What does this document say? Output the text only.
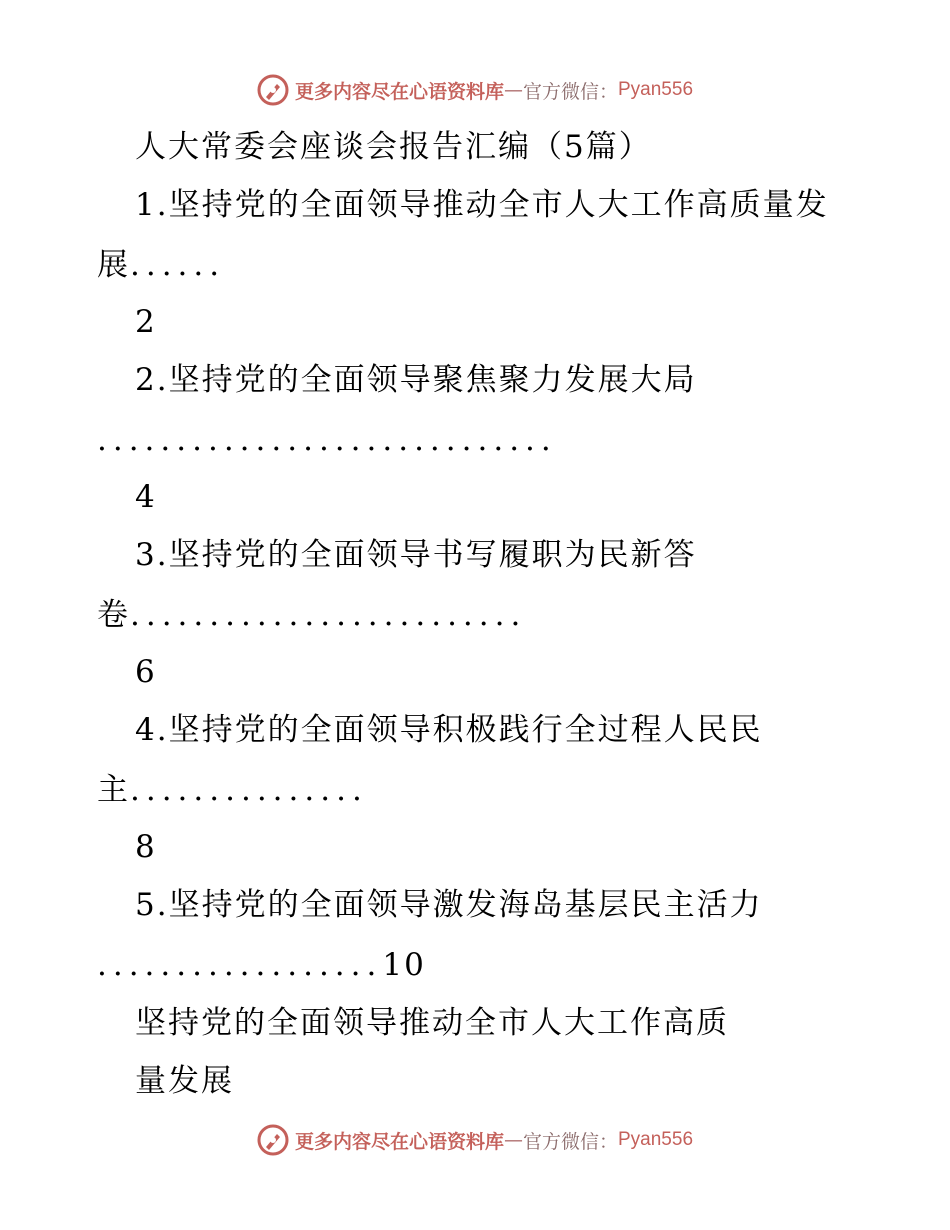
更多内容尽在心语资料库 — 官方微信： Pyan556
人大常委会座谈会报告汇编（5篇）
1.坚持党的全面领导推动全市人大工作高质量发
展......
2
2.坚持党的全面领导聚焦聚力发展大局
.............................
4
3.坚持党的全面领导书写履职为民新答
卷.........................
6
4.坚持党的全面领导积极践行全过程人民民
主...............
8
5.坚持党的全面领导激发海岛基层民主活力
..................10
坚持党的全面领导推动全市人大工作高质
量发展
更多内容尽在心语资料库 — 官方微信： Pyan556
